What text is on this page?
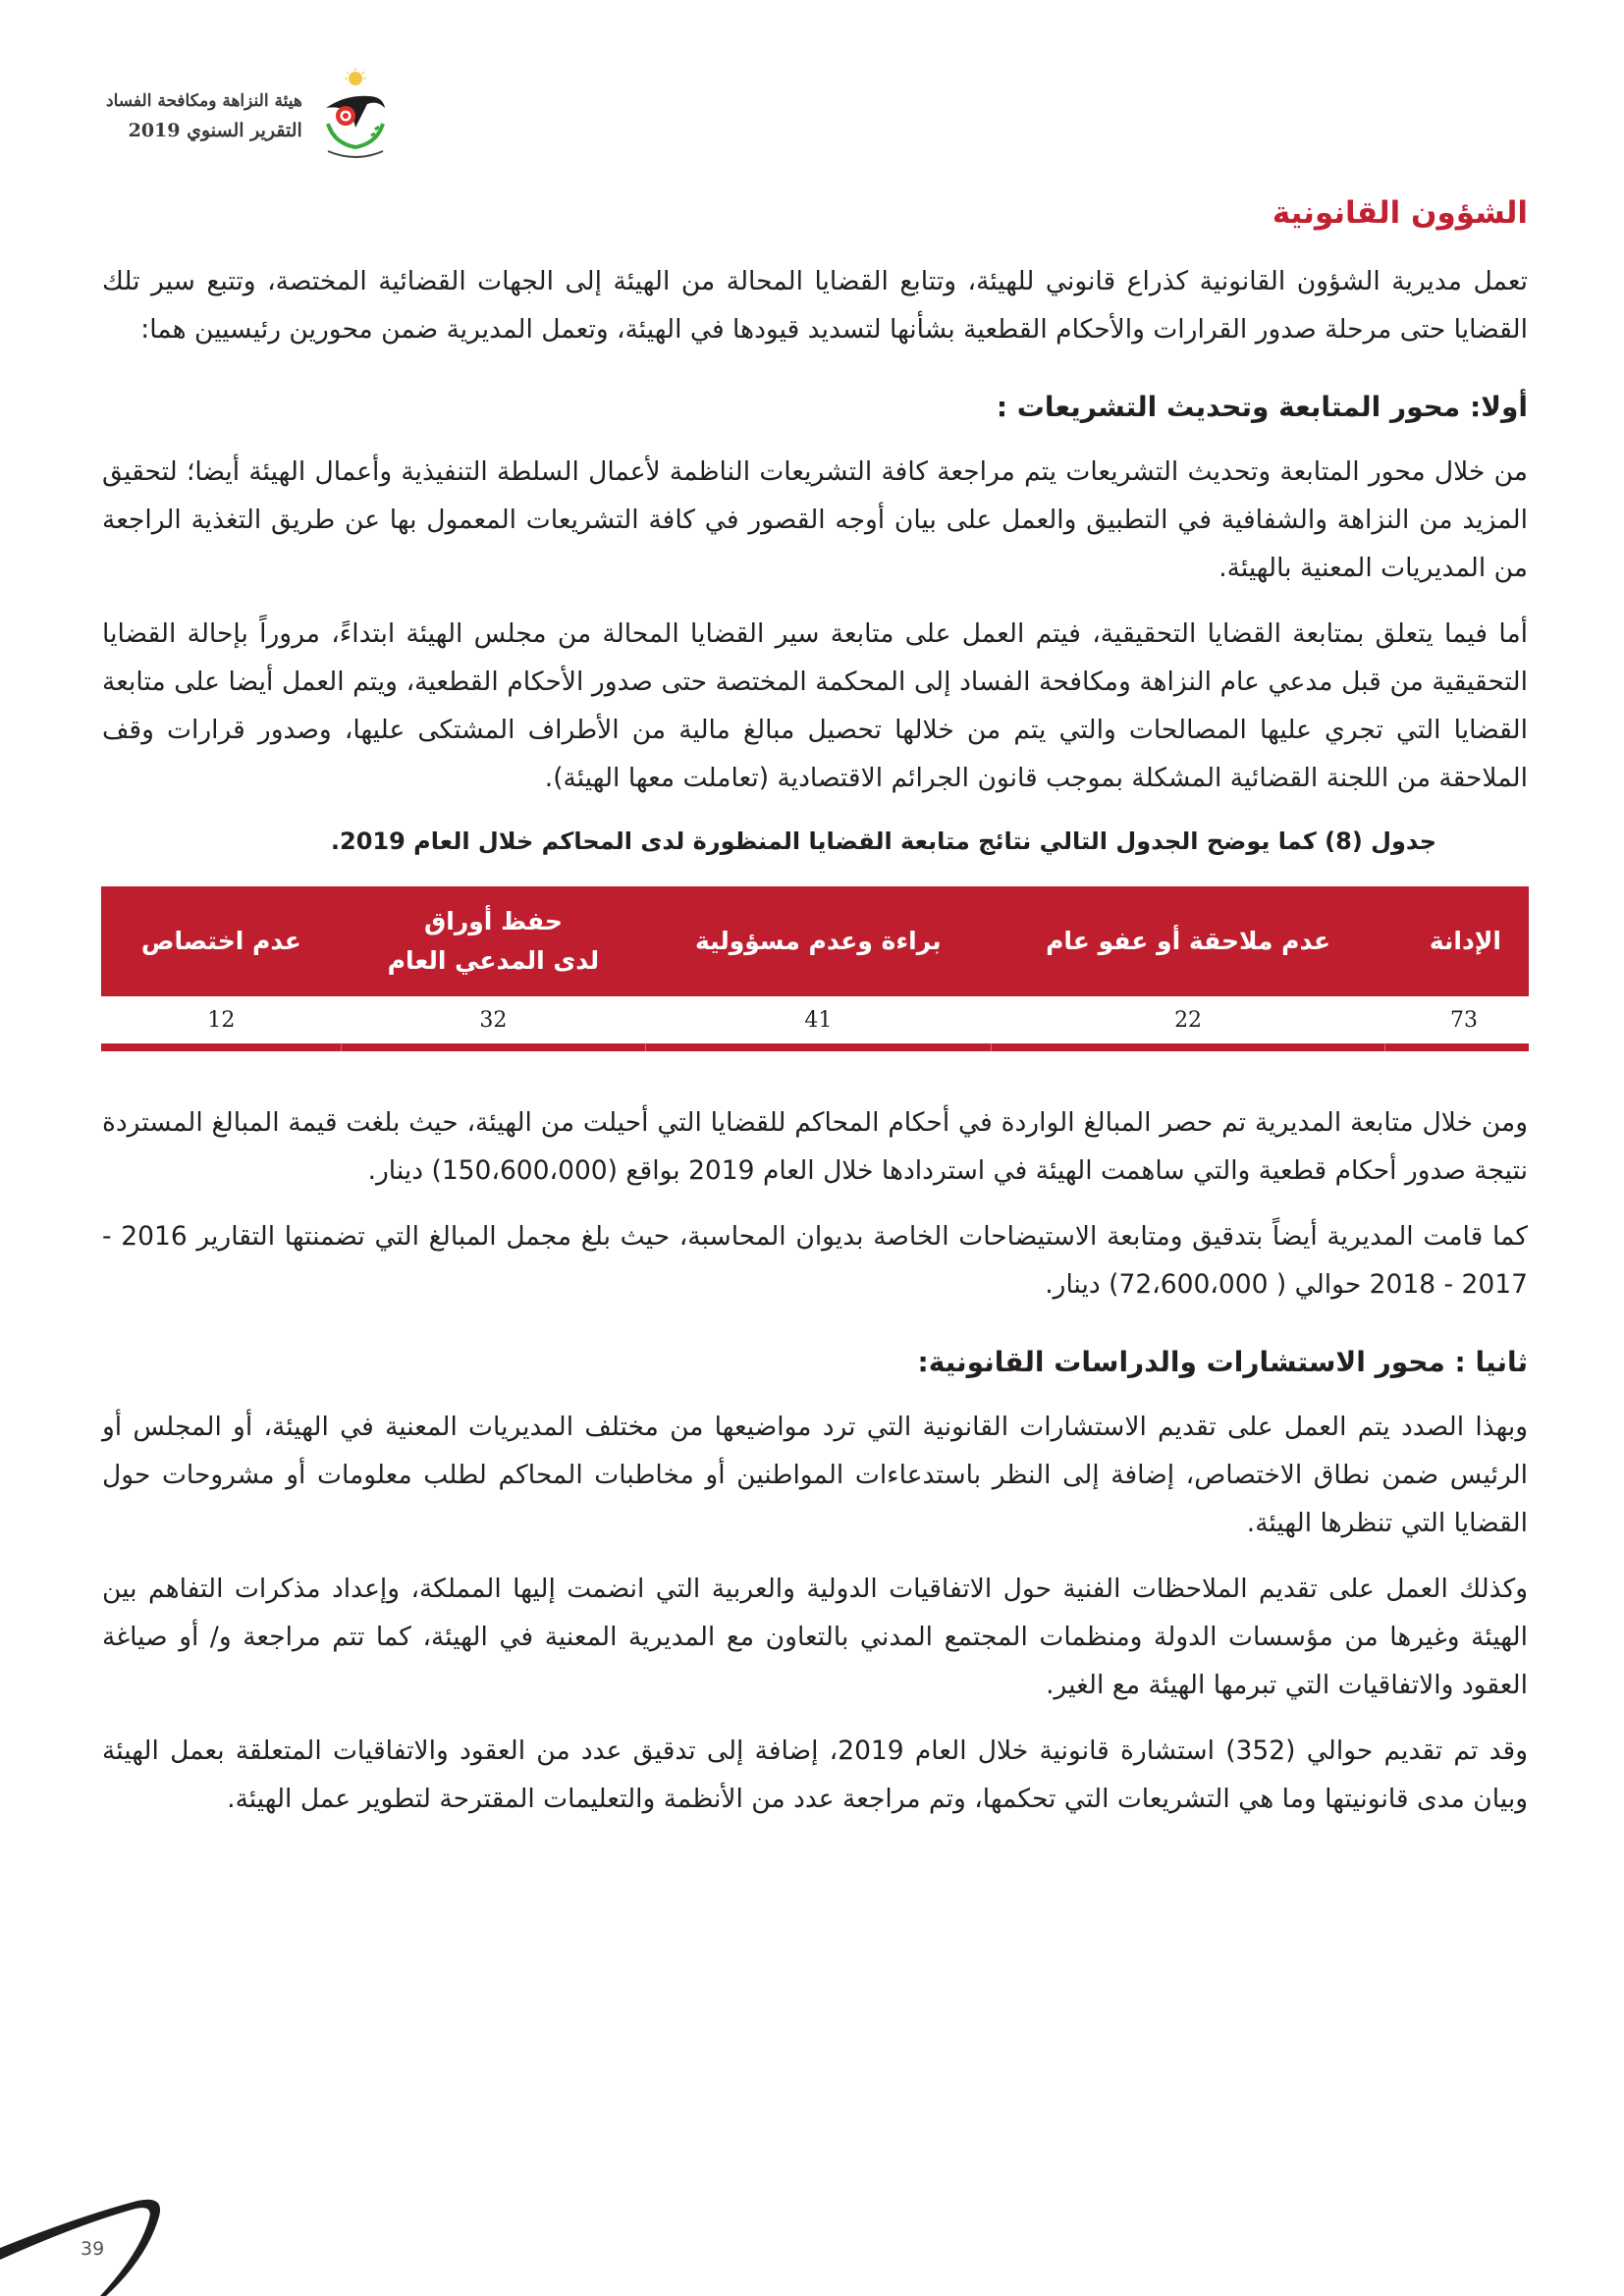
هيئة النزاهة ومكافحة الفساد
التقرير السنوي 2019
الشؤون القانونية

تعمل مديرية الشؤون القانونية كذراع قانوني للهيئة، وتتابع القضايا المحالة من الهيئة إلى الجهات القضائية المختصة، وتتبع سير تلك القضايا حتى مرحلة صدور القرارات والأحكام القطعية بشأنها لتسديد قيودها في الهيئة، وتعمل المديرية ضمن محورين رئيسيين هما:

أولا: محور المتابعة وتحديث التشريعات :

من خلال محور المتابعة وتحديث التشريعات يتم مراجعة كافة التشريعات الناظمة لأعمال السلطة التنفيذية وأعمال الهيئة أيضا؛ لتحقيق المزيد من النزاهة والشفافية في التطبيق والعمل على بيان أوجه القصور في كافة التشريعات المعمول بها عن طريق التغذية الراجعة من المديريات المعنية بالهيئة.

أما فيما يتعلق بمتابعة القضايا التحقيقية، فيتم العمل على متابعة سير القضايا المحالة من مجلس الهيئة ابتداءً، مروراً بإحالة القضايا التحقيقية من قبل مدعي عام النزاهة ومكافحة الفساد إلى المحكمة المختصة حتى صدور الأحكام القطعية، ويتم العمل أيضا على متابعة القضايا التي تجري عليها المصالحات والتي يتم من خلالها تحصيل مبالغ مالية من الأطراف المشتكى عليها، وصدور قرارات وقف الملاحقة من اللجنة القضائية المشكلة بموجب قانون الجرائم الاقتصادية (تعاملت معها الهيئة).

جدول (8) كما يوضح الجدول التالي نتائج متابعة القضايا المنظورة لدى المحاكم خلال العام 2019.
الإدانة	عدم ملاحقة أو عفو عام	براءة وعدم مسؤولية	حفظ أوراق
لدى المدعي العام	عدم اختصاص
73	22	41	32	12

ومن خلال متابعة المديرية تم حصر المبالغ الواردة في أحكام المحاكم للقضايا التي أحيلت من الهيئة، حيث بلغت قيمة المبالغ المستردة نتيجة صدور أحكام قطعية والتي ساهمت الهيئة في استردادها خلال العام 2019 بواقع (150،600،000) دينار.

كما قامت المديرية أيضاً بتدقيق ومتابعة الاستيضاحات الخاصة بديوان المحاسبة، حيث بلغ مجمل المبالغ التي تضمنتها التقارير 2016 - 2017 - 2018 حوالي ( 72،600،000) دينار.

ثانيا : محور الاستشارات والدراسات القانونية:

وبهذا الصدد يتم العمل على تقديم الاستشارات القانونية التي ترد مواضيعها من مختلف المديريات المعنية في الهيئة، أو المجلس أو الرئيس ضمن نطاق الاختصاص، إضافة إلى النظر باستدعاءات المواطنين أو مخاطبات المحاكم لطلب معلومات أو مشروحات حول القضايا التي تنظرها الهيئة.

وكذلك العمل على تقديم الملاحظات الفنية حول الاتفاقيات الدولية والعربية التي انضمت إليها المملكة، وإعداد مذكرات التفاهم بين الهيئة وغيرها من مؤسسات الدولة ومنظمات المجتمع المدني بالتعاون مع المديرية المعنية في الهيئة، كما تتم مراجعة و/ أو صياغة العقود والاتفاقيات التي تبرمها الهيئة مع الغير.

وقد تم تقديم حوالي (352) استشارة قانونية خلال العام 2019، إضافة إلى تدقيق عدد من العقود والاتفاقيات المتعلقة بعمل الهيئة وبيان مدى قانونيتها وما هي التشريعات التي تحكمها، وتم مراجعة عدد من الأنظمة والتعليمات المقترحة لتطوير عمل الهيئة.

39
